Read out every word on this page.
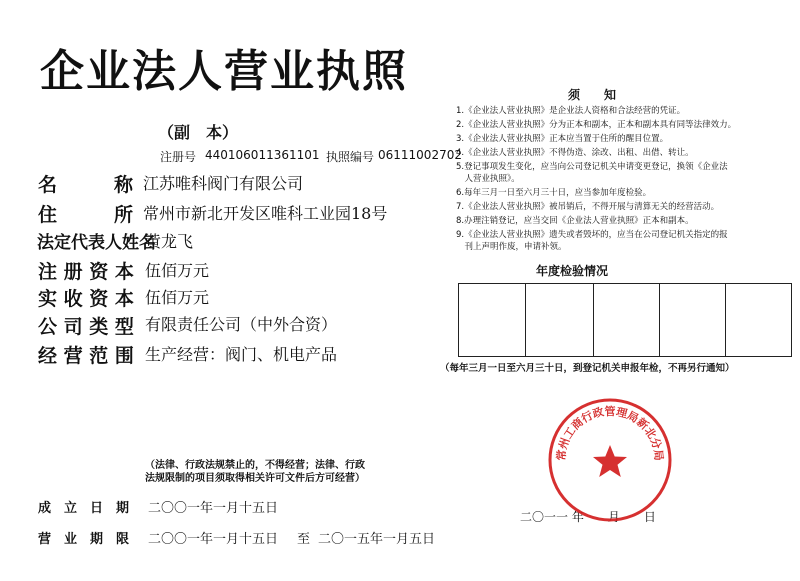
企业法人营业执照
（副　本）
注册号 440106011361101 执照编号 06111002702
名　　　称 江苏唯科阀门有限公司
住　　　所 常州市新北开发区唯科工业园18号
法定代表人姓名
黄龙飞
注 册 资 本 伍佰万元
实 收 资 本 伍佰万元
公 司 类 型 有限责任公司（中外合资）
经 营 范 围 生产经营：阀门、机电产品
须　知
1.《企业法人营业执照》是企业法人资格和合法经营的凭证。
2.《企业法人营业执照》分为正本和副本，正本和副本具有同等法律效力。
3.《企业法人营业执照》正本应当置于住所的醒目位置。
4.《企业法人营业执照》不得伪造、涂改、出租、出借、转让。
5.登记事项发生变化，应当向公司登记机关申请变更登记，换领《企业法
　人营业执照》。
6.每年三月一日至六月三十日，应当参加年度检验。
7.《企业法人营业执照》被吊销后，不得开展与清算无关的经营活动。
8.办理注销登记，应当交回《企业法人营业执照》正本和副本。
9.《企业法人营业执照》遗失或者毁坏的，应当在公司登记机关指定的报
　刊上声明作废，申请补领。
年度检验情况
（每年三月一日至六月三十日，到登记机关申报年检，不再另行通知）
（法律、行政法规禁止的，不得经营；法律、行政
法规限制的项目须取得相关许可文件后方可经营）
成　立　日　期 二〇〇一年一月十五日
营　业　期　限 二〇〇一年一月十五日 至 二〇一五年一月五日
二〇一一 年　　月　　日
常州工商行政管理局新北分局
